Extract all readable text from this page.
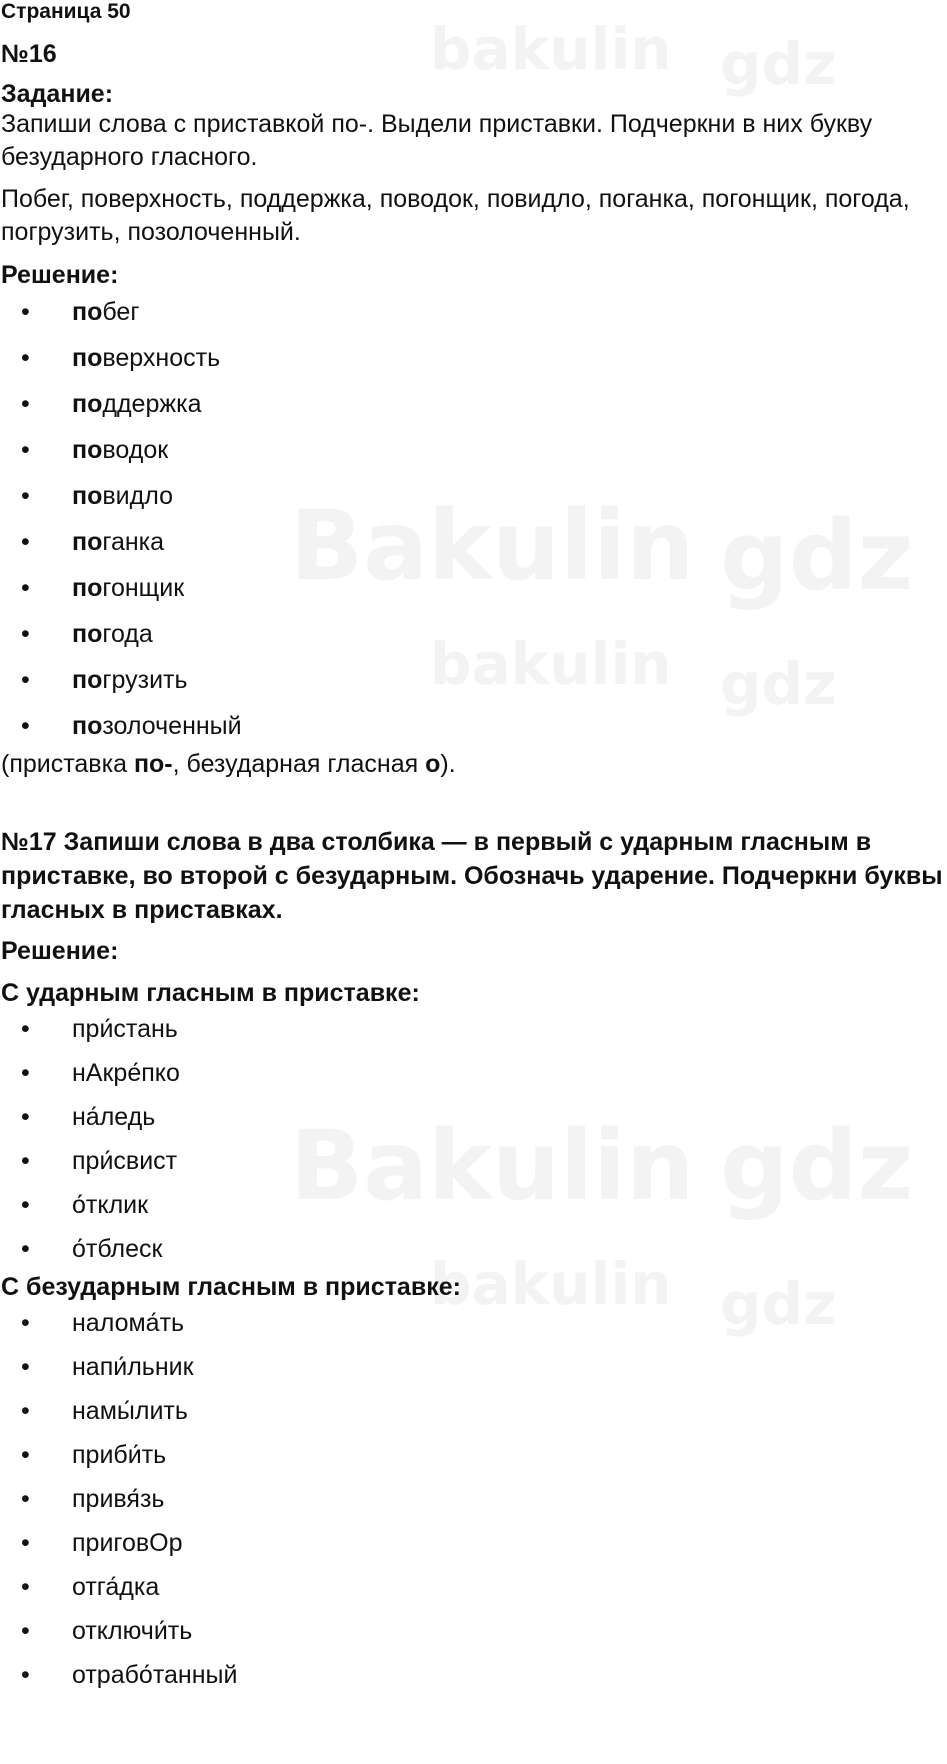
Bakulin
Bakulin
bakulin
bakulin
bakulin
gdz
gdz
gdz
gdz
gdz
Страница 50
№16
Задание:

Запиши слова с приставкой по-. Выдели приставки. Подчеркни в них букву безударного гласного.

Побег, поверхность, поддержка, поводок, повидло, поганка, погонщик, погода, погрузить, позолоченный.

Решение:
• побег
• поверхность
• поддержка
• поводок
• повидло
• поганка
• погонщик
• погода
• погрузить
• позолоченный

(приставка по-, безударная гласная о).

№17 Запиши слова в два столбика — в первый с ударным гласным в приставке, во второй с безударным. Обозначь ударение. Подчеркни буквы гласных в приставках.
Решение:
С ударным гласным в приставке:
• при́стань
• нАкре́пко
• на́ледь
• при́свист
• о́тклик
• о́тблеск
С безударным гласным в приставке:
• налома́ть
• напи́льник
• намы́лить
• приби́ть
• привя́зь
• приговОр
• отга́дка
• отключи́ть
• отрабо́танный
